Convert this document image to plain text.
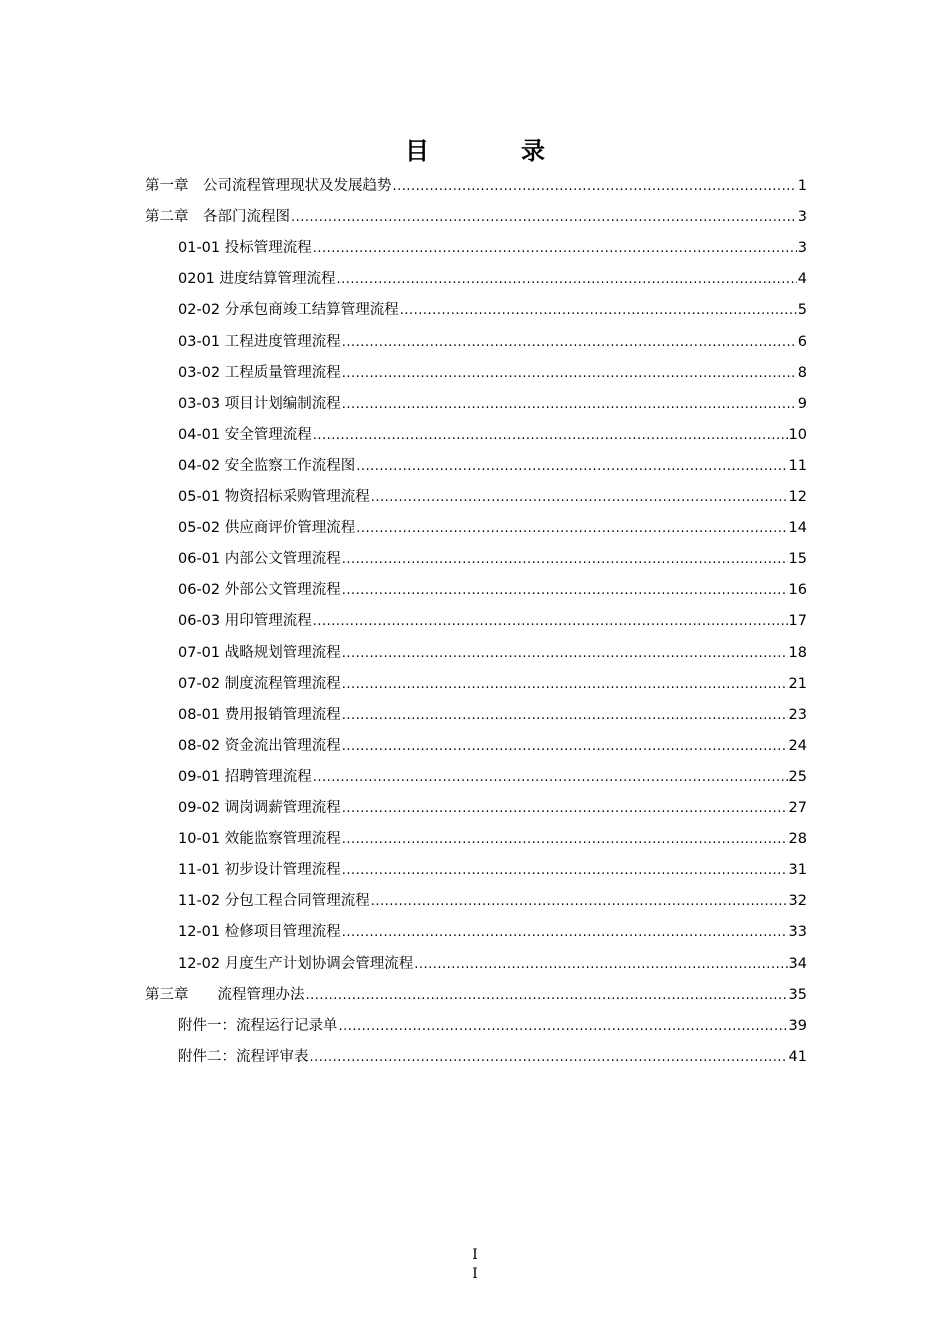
目　录
第一章　公司流程管理现状及发展趋势 .....	1
第二章　各部门流程图 .....	3
01-01 投标管理流程 .....	3
0201 进度结算管理流程 .....	4
02-02 分承包商竣工结算管理流程 .....	5
03-01 工程进度管理流程 .....	6
03-02 工程质量管理流程 .....	8
03-03 项目计划编制流程 .....	9
04-01 安全管理流程 .....	10
04-02 安全监察工作流程图 .....	11
05-01 物资招标采购管理流程 .....	12
05-02 供应商评价管理流程 .....	14
06-01 内部公文管理流程 .....	15
06-02 外部公文管理流程 .....	16
06-03 用印管理流程 .....	17
07-01 战略规划管理流程 .....	18
07-02 制度流程管理流程 .....	21
08-01 费用报销管理流程 .....	23
08-02 资金流出管理流程 .....	24
09-01 招聘管理流程 .....	25
09-02 调岗调薪管理流程 .....	27
10-01 效能监察管理流程 .....	28
11-01 初步设计管理流程 .....	31
11-02 分包工程合同管理流程 .....	32
12-01 检修项目管理流程 .....	33
12-02 月度生产计划协调会管理流程 .....	34
第三章　　流程管理办法 .....	35
附件一：流程运行记录单 .....	39
附件二：流程评审表 .....	41
I
I
